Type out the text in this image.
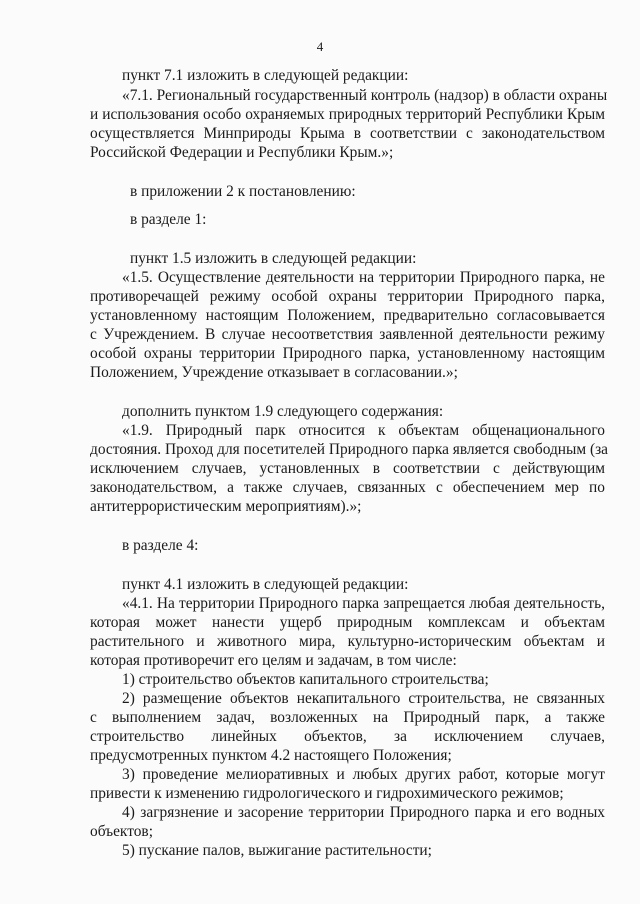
4
пункт 7.1 изложить в следующей редакции:
«7.1. Региональный государственный контроль (надзор) в области охраны
и использования особо охраняемых природных территорий Республики Крым
осуществляется Минприроды Крыма в соответствии с законодательством
Российской Федерации и Республики Крым.»;
в приложении 2 к постановлению:
в разделе 1:
пункт 1.5 изложить в следующей редакции:
«1.5. Осуществление деятельности на территории Природного парка, не
противоречащей режиму особой охраны территории Природного парка,
установленному настоящим Положением, предварительно согласовывается
с Учреждением. В случае несоответствия заявленной деятельности режиму
особой охраны территории Природного парка, установленному настоящим
Положением, Учреждение отказывает в согласовании.»;
дополнить пунктом 1.9 следующего содержания:
«1.9. Природный парк относится к объектам общенационального
достояния. Проход для посетителей Природного парка является свободным (за
исключением случаев, установленных в соответствии с действующим
законодательством, а также случаев, связанных с обеспечением мер по
антитеррористическим мероприятиям).»;
в разделе 4:
пункт 4.1 изложить в следующей редакции:
«4.1. На территории Природного парка запрещается любая деятельность,
которая может нанести ущерб природным комплексам и объектам
растительного и животного мира, культурно-историческим объектам и
которая противоречит его целям и задачам, в том числе:
1) строительство объектов капитального строительства;
2) размещение объектов некапитального строительства, не связанных
с выполнением задач, возложенных на Природный парк, а также
строительство линейных объектов, за исключением случаев,
предусмотренных пунктом 4.2 настоящего Положения;
3) проведение мелиоративных и любых других работ, которые могут
привести к изменению гидрологического и гидрохимического режимов;
4) загрязнение и засорение территории Природного парка и его водных
объектов;
5) пускание палов, выжигание растительности;
